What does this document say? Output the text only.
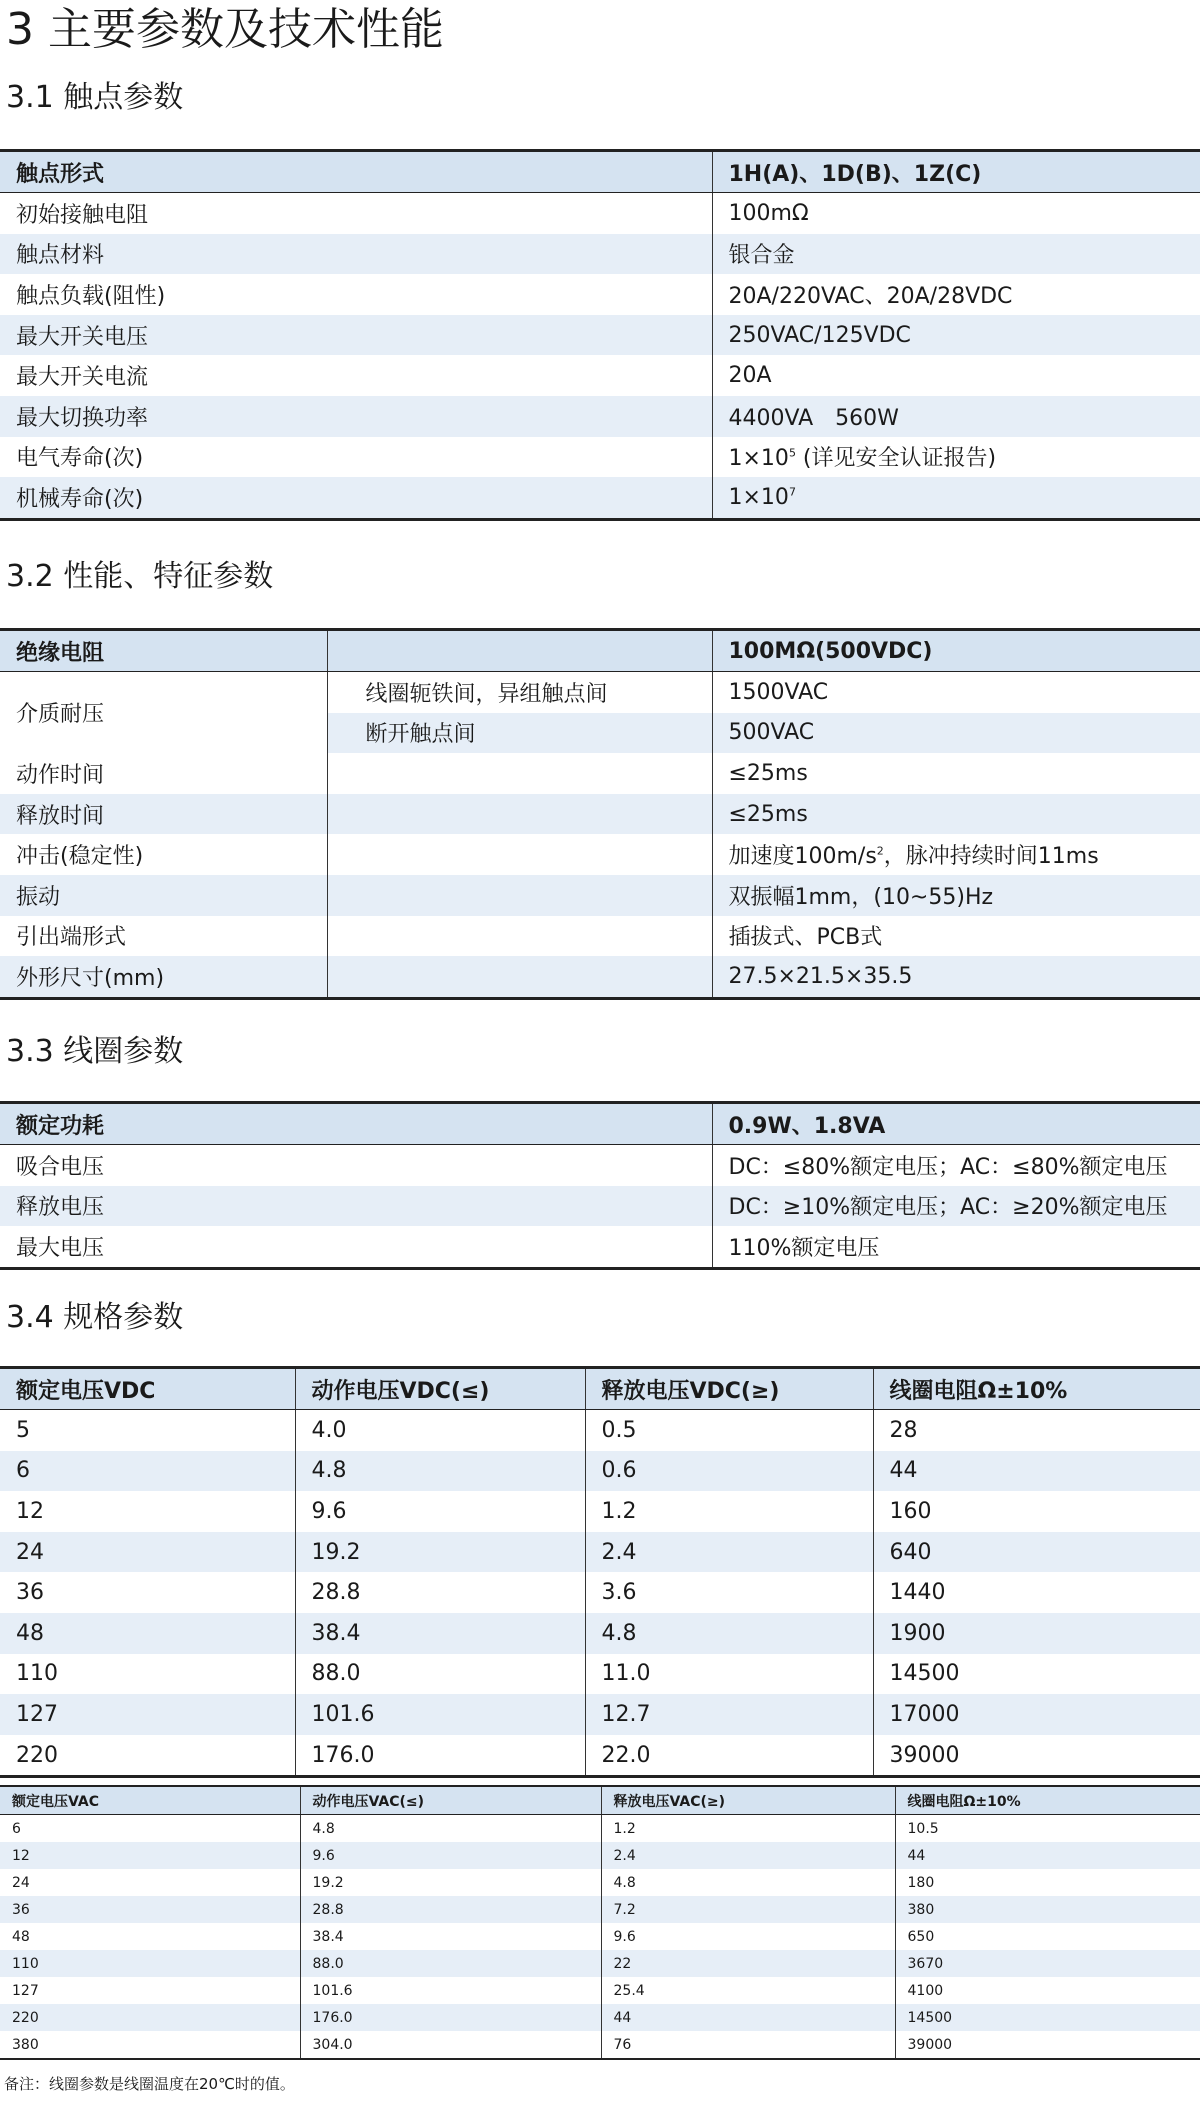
3 主要参数及技术性能
3.1 触点参数
触点形式	1H(A)、1D(B)、1Z(C)
初始接触电阻	100mΩ
触点材料	银合金
触点负载(阻性)	20A/220VAC、20A/28VDC
最大开关电压	250VAC/125VDC
最大开关电流	20A
最大切换功率	4400VA　560W
电气寿命(次)	$1\times 10^5$ (详见安全认证报告)
机械寿命(次)	$1\times 10^7$
3.2 性能、特征参数
绝缘电阻		100MΩ(500VDC)
介质耐压	线圈轭铁间，异组触点间	1500VAC
	断开触点间	500VAC
动作时间		≤25ms
释放时间		≤25ms
冲击(稳定性)		加速度$100m/s^2$，脉冲持续时间11ms
振动		双振幅1mm，(10~55)Hz
引出端形式		插拔式、PCB式
外形尺寸(mm)		27.5×21.5×35.5
3.3 线圈参数
额定功耗	0.9W、1.8VA
吸合电压	DC：≤80%额定电压；AC：≤80%额定电压
释放电压	DC：≥10%额定电压；AC：≥20%额定电压
最大电压	110%额定电压
3.4 规格参数
额定电压VDC	动作电压VDC(≤)	释放电压VDC(≥)	线圈电阻Ω±10%
5	4.0	0.5	28
6	4.8	0.6	44
12	9.6	1.2	160
24	19.2	2.4	640
36	28.8	3.6	1440
48	38.4	4.8	1900
110	88.0	11.0	14500
127	101.6	12.7	17000
220	176.0	22.0	39000
额定电压VAC	动作电压VAC(≤)	释放电压VAC(≥)	线圈电阻Ω±10%
6	4.8	1.2	10.5
12	9.6	2.4	44
24	19.2	4.8	180
36	28.8	7.2	380
48	38.4	9.6	650
110	88.0	22	3670
127	101.6	25.4	4100
220	176.0	44	14500
380	304.0	76	39000
备注：线圈参数是线圈温度在20℃时的值。
